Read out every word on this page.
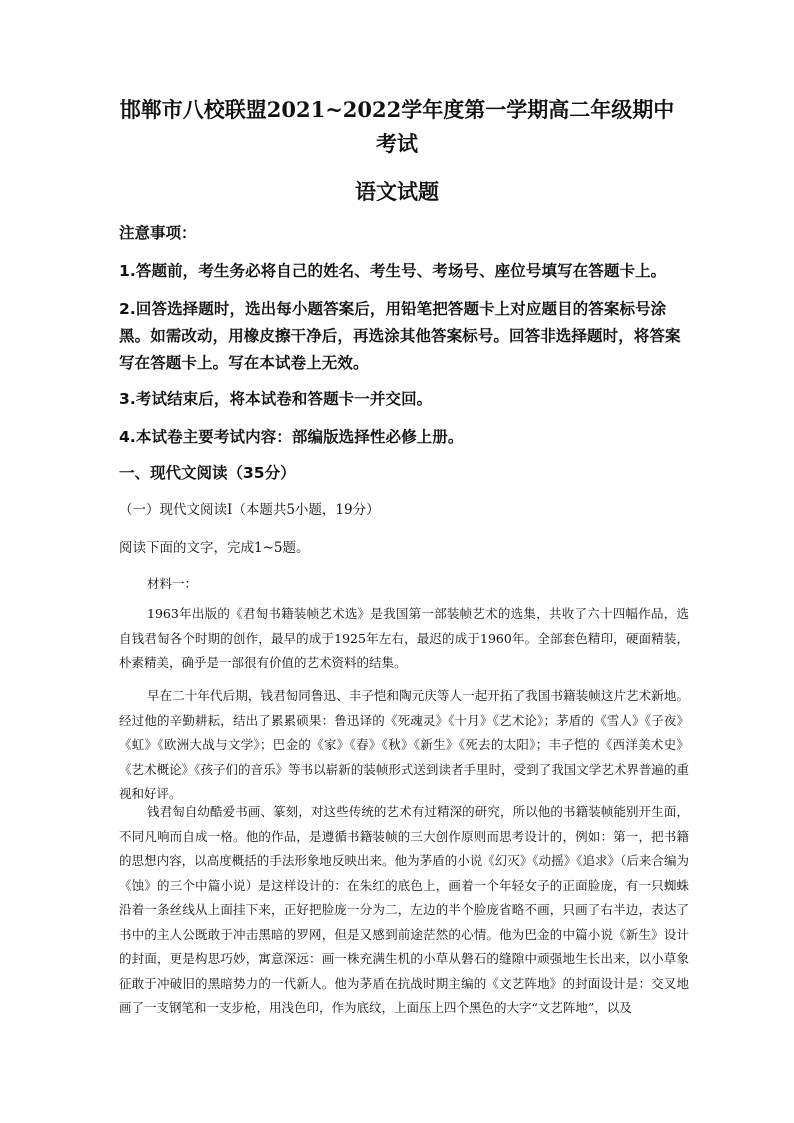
邯郸市八校联盟2021~2022学年度第一学期高二年级期中
考试
语文试题
注意事项：

1.答题前，考生务必将自己的姓名、考生号、考场号、座位号填写在答题卡上。

2.回答选择题时，选出每小题答案后，用铅笔把答题卡上对应题目的答案标号涂黑。如需改动，用橡皮擦干净后，再选涂其他答案标号。回答非选择题时，将答案写在答题卡上。写在本试卷上无效。

3.考试结束后，将本试卷和答题卡一并交回。

4.本试卷主要考试内容：部编版选择性必修上册。

一、现代文阅读（35分）
（一）现代文阅读Ⅰ（本题共5小题，19分）
阅读下面的文字，完成1~5题。
材料一：

1963年出版的《君匋书籍装帧艺术选》是我国第一部装帧艺术的选集，共收了六十四幅作品，选自钱君匋各个时期的创作，最早的成于1925年左右，最迟的成于1960年。全部套色精印，硬面精装，朴素精美，确乎是一部很有价值的艺术资料的结集。

早在二十年代后期，钱君匋同鲁迅、丰子恺和陶元庆等人一起开拓了我国书籍装帧这片艺术新地。经过他的辛勤耕耘，结出了累累硕果：鲁迅译的《死魂灵》《十月》《艺术论》；茅盾的《雪人》《子夜》《虹》《欧洲大战与文学》；巴金的《家》《春》《秋》《新生》《死去的太阳》；丰子恺的《西洋美术史》《艺术概论》《孩子们的音乐》等书以崭新的装帧形式送到读者手里时，受到了我国文学艺术界普遍的重视和好评。

钱君匋自幼酷爱书画、篆刻，对这些传统的艺术有过精深的研究，所以他的书籍装帧能别开生面，不同凡响而自成一格。他的作品，是遵循书籍装帧的三大创作原则而思考设计的，例如：第一，把书籍的思想内容，以高度概括的手法形象地反映出来。他为茅盾的小说《幻灭》《动摇》《追求》（后来合编为《蚀》的三个中篇小说）是这样设计的：在朱红的底色上，画着一个年轻女子的正面脸庞，有一只蜘蛛沿着一条丝线从上面挂下来，正好把脸庞一分为二，左边的半个脸庞省略不画，只画了右半边，表达了书中的主人公既敢于冲击黑暗的罗网，但是又感到前途茫然的心情。他为巴金的中篇小说《新生》设计的封面，更是构思巧妙，寓意深远：画一株充满生机的小草从磐石的缝隙中顽强地生长出来，以小草象征敢于冲破旧的黑暗势力的一代新人。他为茅盾在抗战时期主编的《文艺阵地》的封面设计是：交叉地画了一支钢笔和一支步枪，用浅色印，作为底纹，上面压上四个黑色的大字“文艺阵地”，以及
